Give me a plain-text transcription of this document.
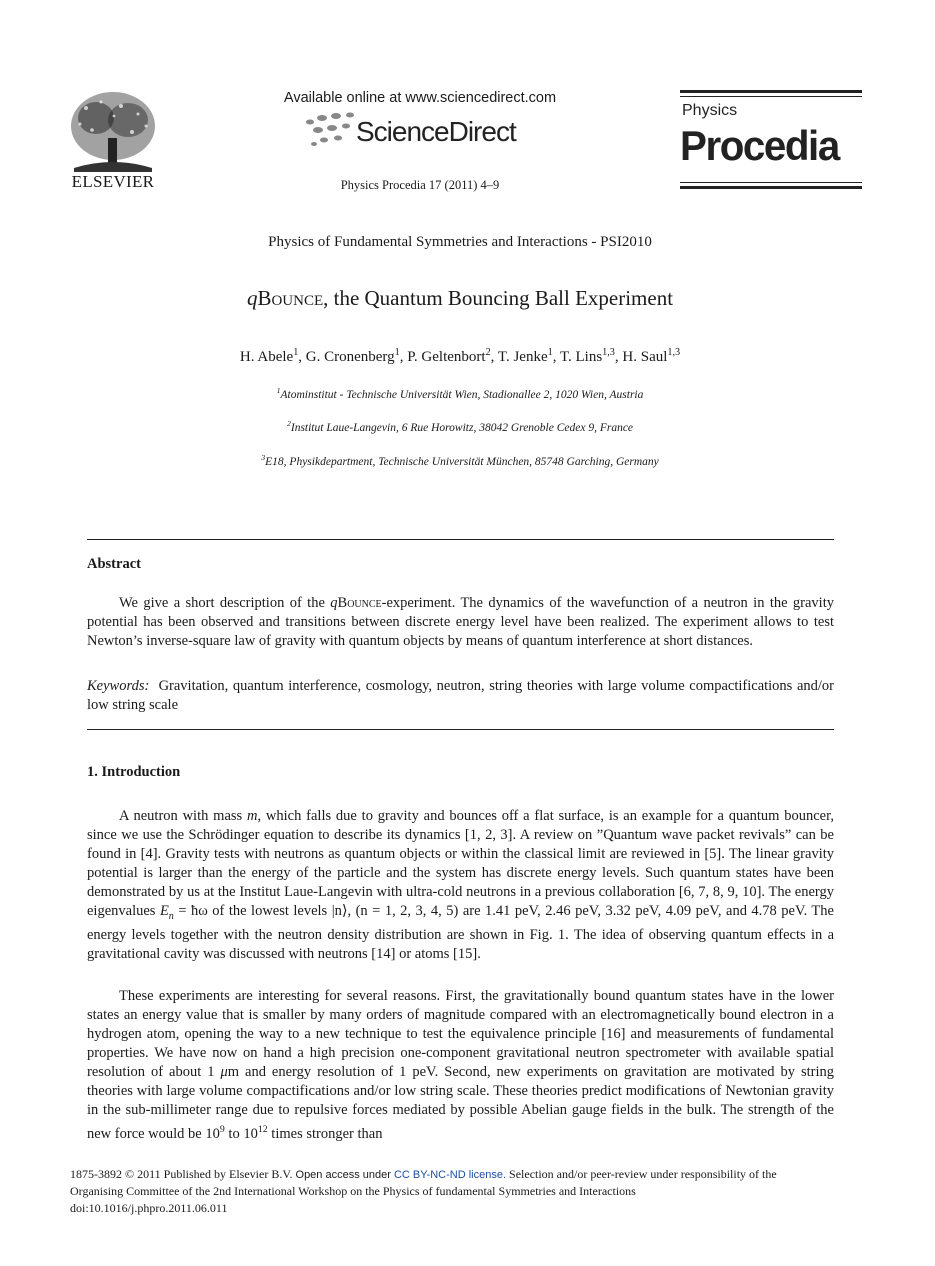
ELSEVIER
Available online at www.sciencedirect.com
ScienceDirect
Physics Procedia 17 (2011) 4–9
Physics
Procedia
Physics of Fundamental Symmetries and Interactions - PSI2010
qBounce, the Quantum Bouncing Ball Experiment
H. Abele$^1$, G. Cronenberg$^1$, P. Geltenbort$^2$, T. Jenke$^1$, T. Lins$^{1,3}$, H. Saul$^{1,3}$
$^1$Atominstitut - Technische Universität Wien, Stadionallee 2, 1020 Wien, Austria
$^2$Institut Laue-Langevin, 6 Rue Horowitz, 38042 Grenoble Cedex 9, France
$^3$E18, Physikdepartment, Technische Universität München, 85748 Garching, Germany
Abstract

We give a short description of the qBounce-experiment. The dynamics of the wavefunction of a neutron in the gravity potential has been observed and transitions between discrete energy level have been realized. The experiment allows to test Newton’s inverse-square law of gravity with quantum objects by means of quantum interference at short distances.

Keywords: Gravitation, quantum interference, cosmology, neutron, string theories with large volume compactifications and/or low string scale
1. Introduction

A neutron with mass m, which falls due to gravity and bounces off a flat surface, is an example for a quantum bouncer, since we use the Schrödinger equation to describe its dynamics [1, 2, 3]. A review on ”Quantum wave packet revivals” can be found in [4]. Gravity tests with neutrons as quantum objects or within the classical limit are reviewed in [5]. The linear gravity potential is larger than the energy of the particle and the system has discrete energy levels. Such quantum states have been demonstrated by us at the Institut Laue-Langevin with ultra-cold neutrons in a previous collaboration [6, 7, 8, 9, 10]. The energy eigenvalues $E_n$ = ħω of the lowest levels |n⟩, (n = 1, 2, 3, 4, 5) are 1.41 peV, 2.46 peV, 3.32 peV, 4.09 peV, and 4.78 peV. The energy levels together with the neutron density distribution are shown in Fig. 1. The idea of observing quantum effects in a gravitational cavity was discussed with neutrons [14] or atoms [15].

These experiments are interesting for several reasons. First, the gravitationally bound quantum states have in the lower states an energy value that is smaller by many orders of magnitude compared with an electromagnetically bound electron in a hydrogen atom, opening the way to a new technique to test the equivalence principle [16] and measurements of fundamental properties. We have now on hand a high precision one-component gravitational neutron spectrometer with available spatial resolution of about 1 μm and energy resolution of 1 peV. Second, new experiments on gravitation are motivated by string theories with large volume compactifications and/or low string scale. These theories predict modifications of Newtonian gravity in the sub-millimeter range due to repulsive forces mediated by possible Abelian gauge fields in the bulk. The strength of the new force would be $10^9$ to $10^{12}$ times stronger than

1875-3892 © 2011 Published by Elsevier B.V. Open access under CC BY-NC-ND license. Selection and/or peer-review under responsibility of the
Organising Committee of the 2nd International Workshop on the Physics of fundamental Symmetries and Interactions
doi:10.1016/j.phpro.2011.06.011
